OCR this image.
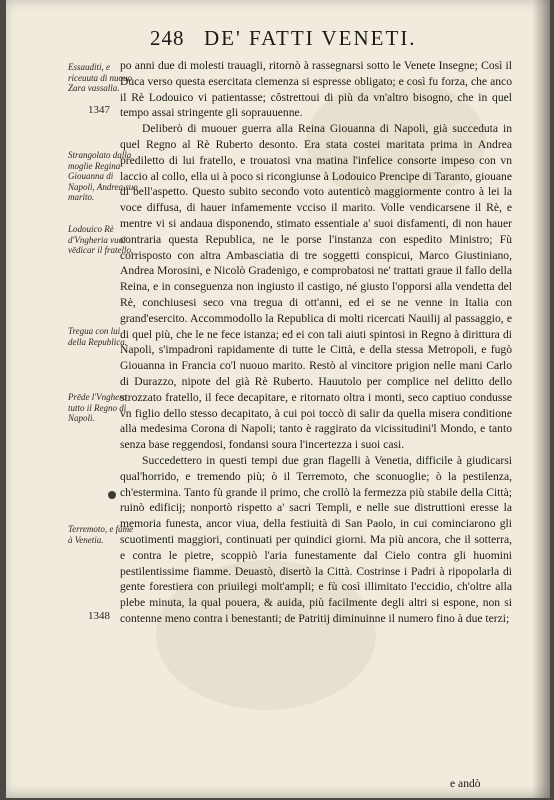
248 DE' FATTI VENETI.
Essauditi, e riceuuta di nuouo Zara vassalla.
1347
Strangolato dalla moglie Regina Giouanna di Napoli, Andrea suo marito.
Lodouico Rè d'Vngheria vuol vēdicar il fratello.
Tregua con lui della Republica.
Prēde l'Vnghero tutto il Regno di Napoli.
Terremoto, e fame à Venetia.
1348

po anni due di molesti trauagli, ritornò à rassegnarsi sotto le Venete Insegne; Così il Duca verso questa esercitata clemenza si espresse obligato; e così fu forza, che anco il Rè Lodouico vi patientasse; côstrettoui di più da vn'altro bisogno, che in quel tempo assai stringente gli soprauuenne.

Deliberò di muouer guerra alla Reina Giouanna di Napoli, già succeduta in quel Regno al Rè Ruberto desonto. Era stata costei maritata prima in Andrea prediletto di lui fratello, e trouatosi vna matina l'infelice consorte impeso con vn laccio al collo, ella ui à poco si ricongiunse à Lodouico Prencipe di Taranto, giouane di bell'aspetto. Questo subito secondo voto autenticò maggiormente contro à lei la voce diffusa, di hauer infamemente vcciso il marito. Volle vendicarsene il Rè, e mentre vi si andaua disponendo, stimato essentiale a' suoi disfamenti, di non hauer contraria questa Republica, ne le porse l'instanza con espedito Ministro; Fù corrisposto con altra Ambasciatia di tre soggetti conspicui, Marco Giustiniano, Andrea Morosini, e Nicolò Gradenigo, e comprobatosi ne' trattati graue il fallo della Reina, e in conseguenza non ingiusto il castigo, né giusto l'opporsi alla vendetta del Rè, conchiusesi seco vna tregua di ott'anni, ed ei se ne venne in Italia con grand'esercito. Accommodollo la Republica di molti ricercati Nauilij al passaggio, e di quel più, che le ne fece istanza; ed ei con tali aiuti spintosi in Regno à dirittura di Napoli, s'impadronì rapidamente di tutte le Città, e della stessa Metropoli, e fugò Giouanna in Francia co'l nuouo marito. Restò al vincitore prigion nelle mani Carlo di Durazzo, nipote del già Rè Ruberto. Hauutolo per complice nel delitto dello strozzato fratello, il fece decapitare, e ritornato oltra i monti, seco captiuo condusse vn figlio dello stesso decapitato, à cui poi toccò di salir da quella misera conditione alla medesima Corona di Napoli; tanto è raggirato da vicissitudini'l Mondo, e tanto senza base reggendosi, fondansi soura l'incertezza i suoi casi.

Succedettero in questi tempi due gran flagelli à Venetia, difficile à giudicarsi qual'horrido, e tremendo più; ò il Terremoto, che sconuoglie; ò la pestilenza, ch'estermina. Tanto fù grande il primo, che crollò la fermezza più stabile della Città; ruinò edificij; nonportò rispetto a' sacri Templi, e nelle sue distruttioni eresse la memoria funesta, ancor viua, della festiuità di San Paolo, in cui cominciarono gli scuotimenti maggiori, continuati per quindici giorni. Ma più ancora, che il sotterra, e contra le pietre, scoppiò l'aria funestamente dal Cielo contra gli huomini pestilentissime fiamme. Deuastò, disertò la Città. Costrinse i Padri à ripopolarla di gente forestiera con priuilegi molt'ampli; e fù così illimitato l'eccidio, ch'oltre alla plebe minuta, la qual pouera, & auida, più facilmente degli altri si espone, non si contenne meno contra i benestanti; de Patritij diminuinne il numero fino à due terzi;

e andò
